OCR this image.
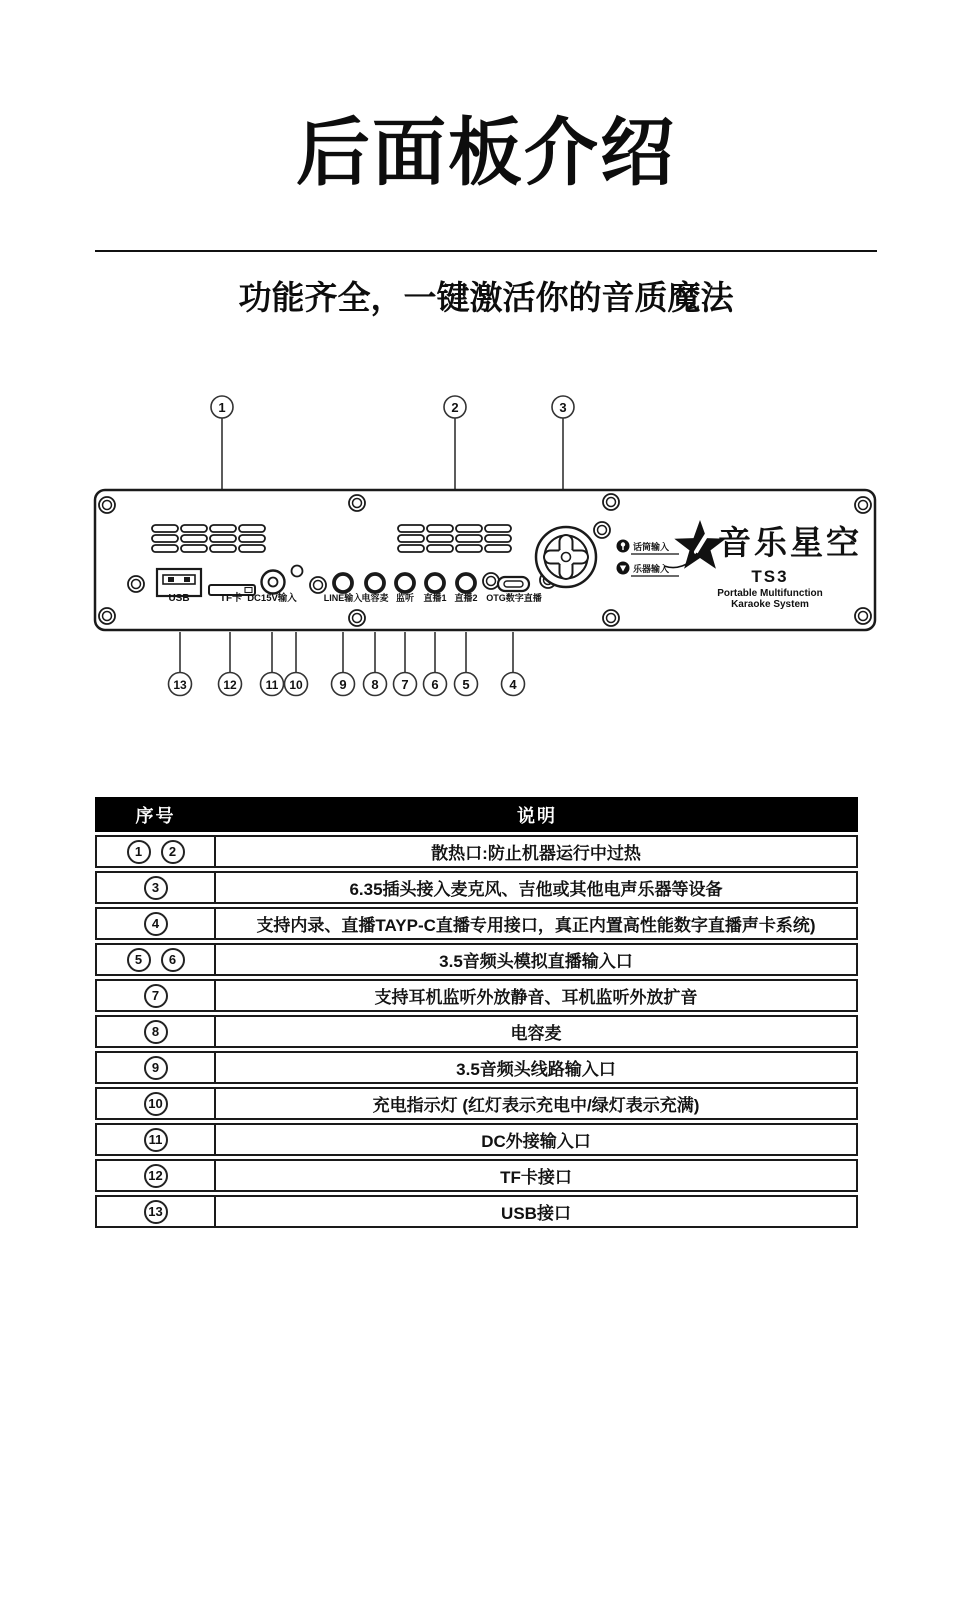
后面板介绍
功能齐全，一键激活你的音质魔法
1	2	3
USB	TF卡 DC15V输入	LINE输入 电容麦 监听 直播1 直播2 OTG数字直播
话筒输入
乐器输入
音乐星空
TS3
Portable Multifunction
Karaoke System
13	12 11 10	9 8 7 6 5	4
序号	说明
1 2	散热口:防止机器运行中过热
3	6.35插头接入麦克风、吉他或其他电声乐器等设备
4	支持内录、直播TAYP-C直播专用接口，真正内置高性能数字直播声卡系统)
5 6	3.5音频头模拟直播输入口
7	支持耳机监听外放静音、耳机监听外放扩音
8	电容麦
9	3.5音频头线路输入口
10	充电指示灯 (红灯表示充电中/绿灯表示充满)
11	DC外接输入口
12	TF卡接口
13	USB接口
